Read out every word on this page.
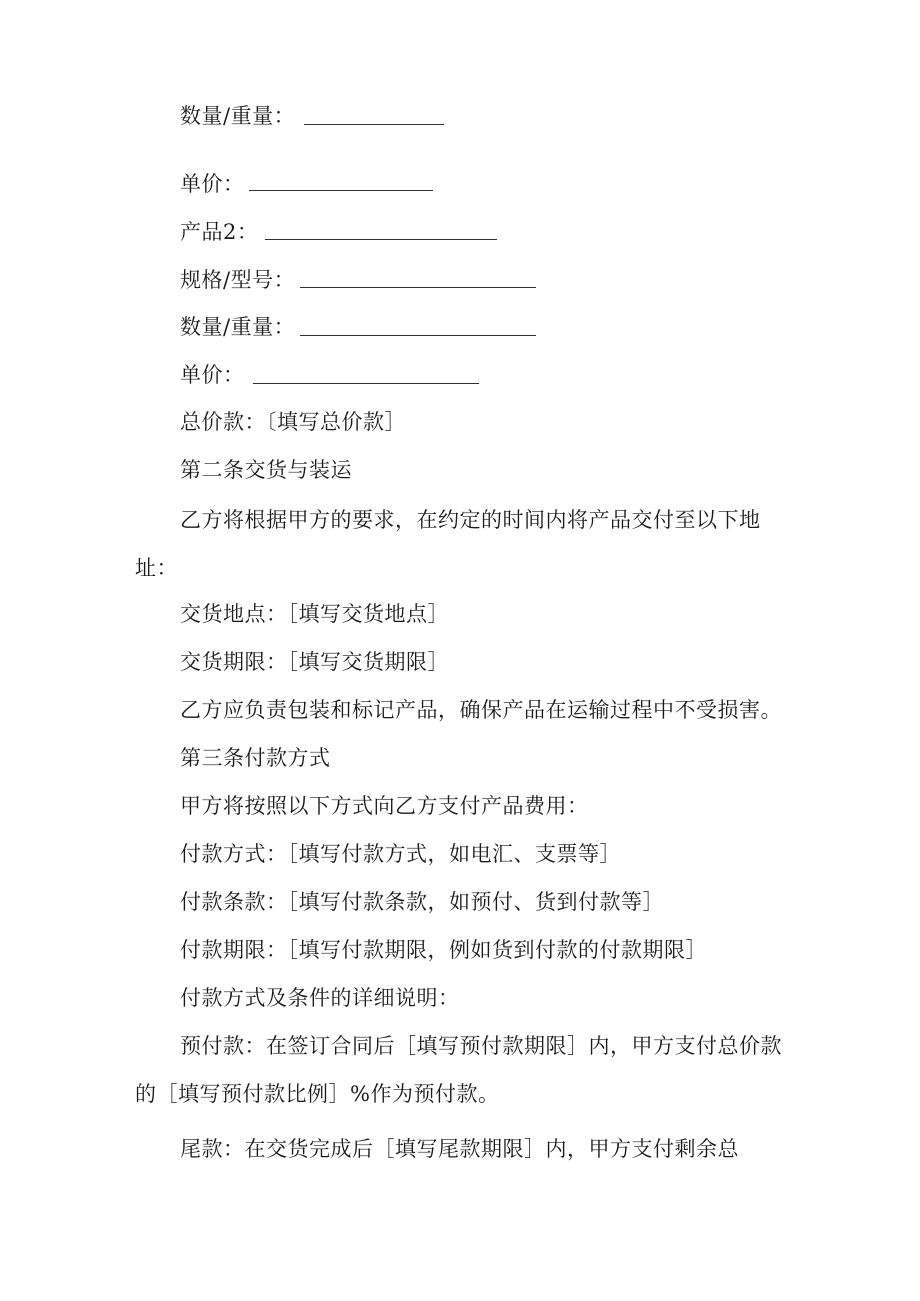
数量/重量：
单价：
产品2：
规格/型号：
数量/重量：
单价：
总价款：〔填写总价款］
第二条交货与装运
乙方将根据甲方的要求，在约定的时间内将产品交付至以下地址：
交货地点：［填写交货地点］
交货期限：［填写交货期限］
乙方应负责包装和标记产品，确保产品在运输过程中不受损害。
第三条付款方式
甲方将按照以下方式向乙方支付产品费用：
付款方式：［填写付款方式，如电汇、支票等］
付款条款：［填写付款条款，如预付、货到付款等］
付款期限：［填写付款期限，例如货到付款的付款期限］
付款方式及条件的详细说明：
预付款：在签订合同后［填写预付款期限］内，甲方支付总价款的［填写预付款比例］%作为预付款。
尾款：在交货完成后［填写尾款期限］内，甲方支付剩余总
